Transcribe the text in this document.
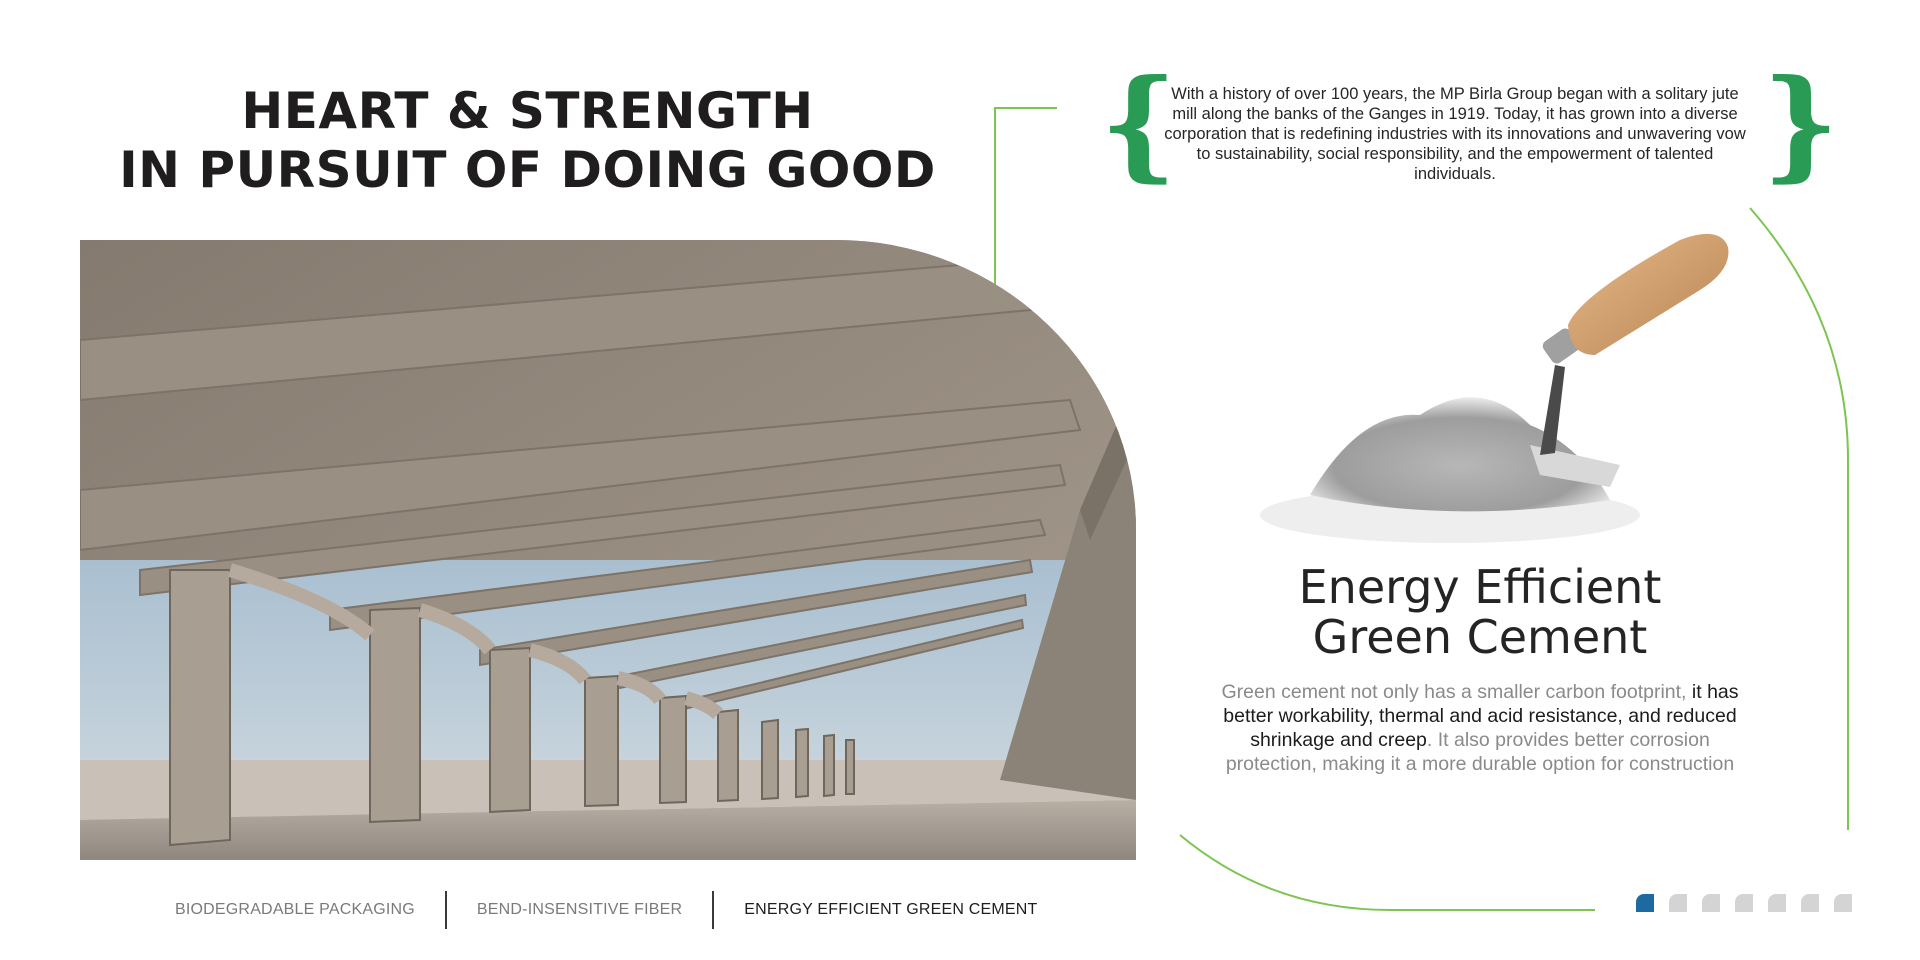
HEART & STRENGTH
IN PURSUIT OF DOING GOOD {

With a history of over 100 years, the MP Birla Group began with a solitary jute mill along the banks of the Ganges in 1919. Today, it has grown into a diverse corporation that is redefining industries with its innovations and unwavering vow to sustainability, social responsibility, and the empowerment of talented individuals.	}
Energy Efficient
Green Cement

Green cement not only has a smaller carbon footprint, it has better workability, thermal and acid resistance, and reduced shrinkage and creep. It also provides better corrosion protection, making it a more durable option for construction

BIODEGRADABLE PACKAGING	BEND-INSENSITIVE FIBER	ENERGY EFFICIENT GREEN CEMENT
